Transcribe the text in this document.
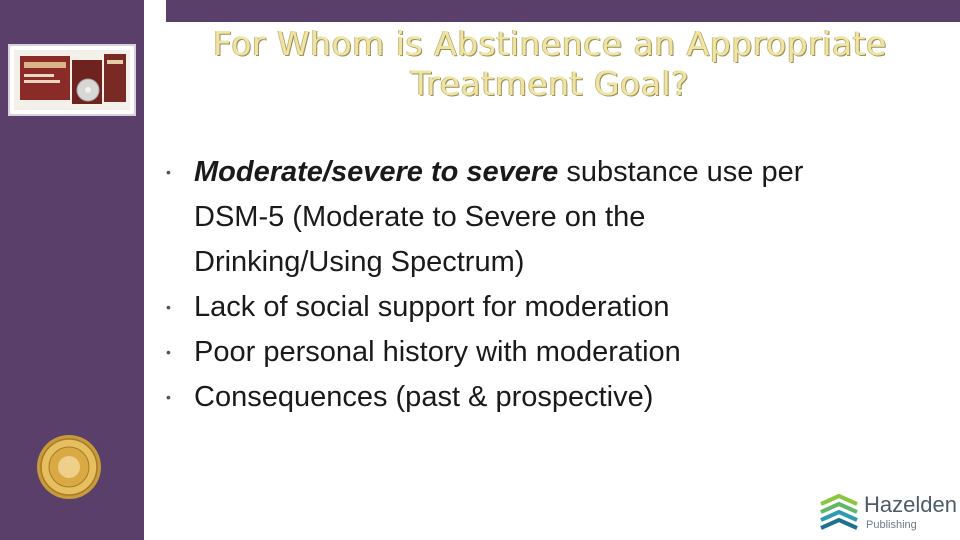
For Whom is Abstinence an Appropriate
Treatment Goal?
• Moderate/severe to severe substance use per
DSM-5 (Moderate to Severe on the
Drinking/Using Spectrum)
• Lack of social support for moderation
• Poor personal history with moderation
• Consequences (past & prospective)
Hazelden
Publishing
